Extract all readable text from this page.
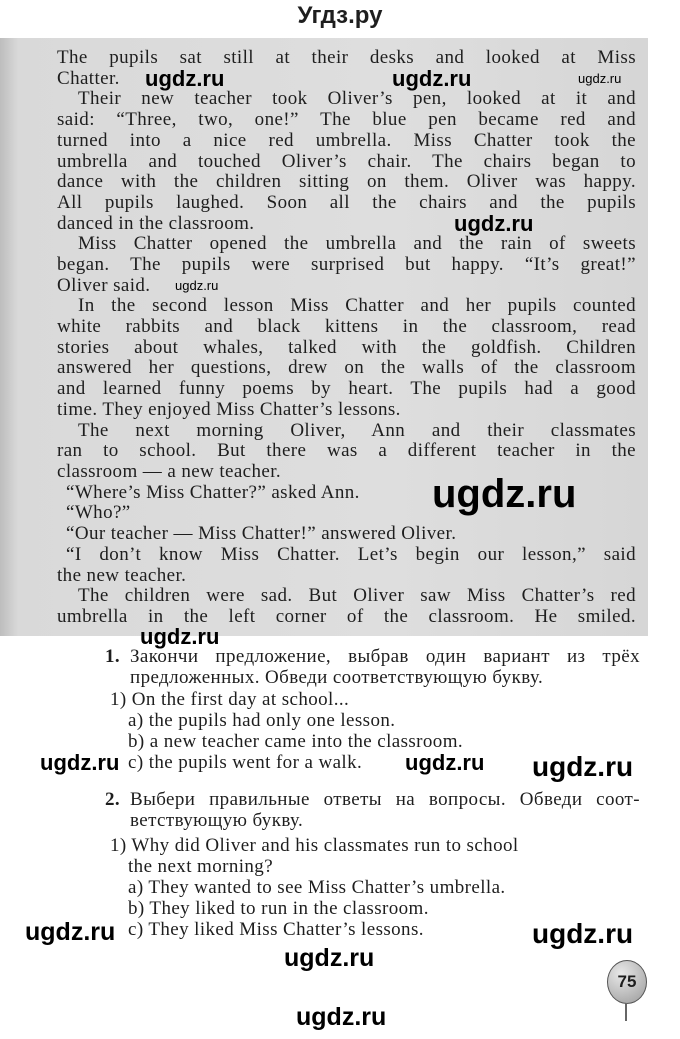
Угдз.ру
The pupils sat still at their desks and looked at Miss
Chatter.
Their new teacher took Oliver’s pen, looked at it and
said: “Three, two, one!” The blue pen became red and
turned into a nice red umbrella. Miss Chatter took the
umbrella and touched Oliver’s chair. The chairs began to
dance with the children sitting on them. Oliver was happy.
All pupils laughed. Soon all the chairs and the pupils
danced in the classroom.
Miss Chatter opened the umbrella and the rain of sweets
began. The pupils were surprised but happy. “It’s great!”
Oliver said.
In the second lesson Miss Chatter and her pupils counted
white rabbits and black kittens in the classroom, read
stories about whales, talked with the goldfish. Children
answered her questions, drew on the walls of the classroom
and learned funny poems by heart. The pupils had a good
time. They enjoyed Miss Chatter’s lessons.
The next morning Oliver, Ann and their classmates
ran to school. But there was a different teacher in the
classroom — a new teacher.
“Where’s Miss Chatter?” asked Ann.
“Who?”
“Our teacher — Miss Chatter!” answered Oliver.
“I don’t know Miss Chatter. Let’s begin our lesson,” said
the new teacher.
The children were sad. But Oliver saw Miss Chatter’s red
umbrella in the left corner of the classroom. He smiled.
1. Закончи предложение, выбрав один вариант из трёх
предложенных. Обведи соответствующую букву.
1) On the first day at school...
a) the pupils had only one lesson.
b) a new teacher came into the classroom.
c) the pupils went for a walk.
2. Выбери правильные ответы на вопросы. Обведи соот-
ветствующую букву.
1) Why did Oliver and his classmates run to school
the next morning?
a) They wanted to see Miss Chatter’s umbrella.
b) They liked to run in the classroom.
c) They liked Miss Chatter’s lessons.
75
ugdz.ru	ugdz.ru	ugdz.ru
ugdz.ru
ugdz.ru
ugdz.ru
ugdz.ru
ugdz.ru	ugdz.ru ugdz.ru
ugdz.ru
ugdz.ru
ugdz.ru
ugdz.ru
